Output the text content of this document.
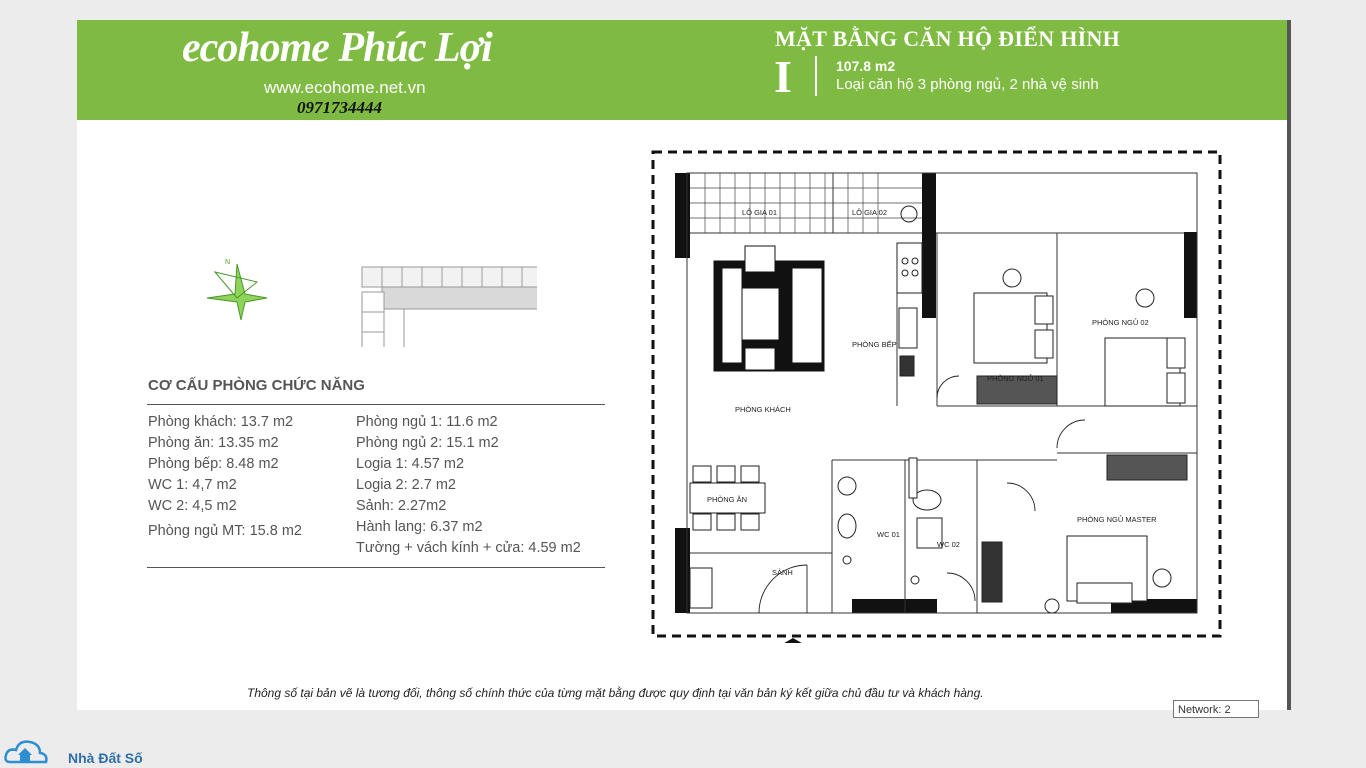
ecohome Phúc Lợi
www.ecohome.net.vn
0971734444
MẶT BẰNG CĂN HỘ ĐIỂN HÌNH
I	107.8 m2
Loại căn hộ 3 phòng ngủ, 2 nhà vệ sinh
N
CƠ CẤU PHÒNG CHỨC NĂNG
Phòng khách: 13.7 m2
Phòng ăn: 13.35 m2
Phòng bếp: 8.48 m2
WC 1: 4,7 m2
WC 2: 4,5 m2
Phòng ngủ MT: 15.8 m2
Phòng ngủ 1: 11.6 m2
Phòng ngủ 2: 15.1 m2
Logia 1: 4.57 m2
Logia 2: 2.7 m2
Sảnh: 2.27m2
Hành lang: 6.37 m2
Tường + vách kính + cửa: 4.59 m2
LÔ GIA 01	LÔ GIA 02
PHÒNG KHÁCH
PHÒNG BẾP
PHÒNG NGỦ 01
PHÒNG NGỦ 02
PHÒNG ĂN
WC 01
WC 02
PHÒNG NGỦ MASTER
SẢNH
Thông số tại bản vẽ là tương đối, thông số chính thức của từng mặt bằng được quy định tại văn bản ký kết giữa chủ đầu tư và khách hàng.
Network: 2
Nhà Đất Số
